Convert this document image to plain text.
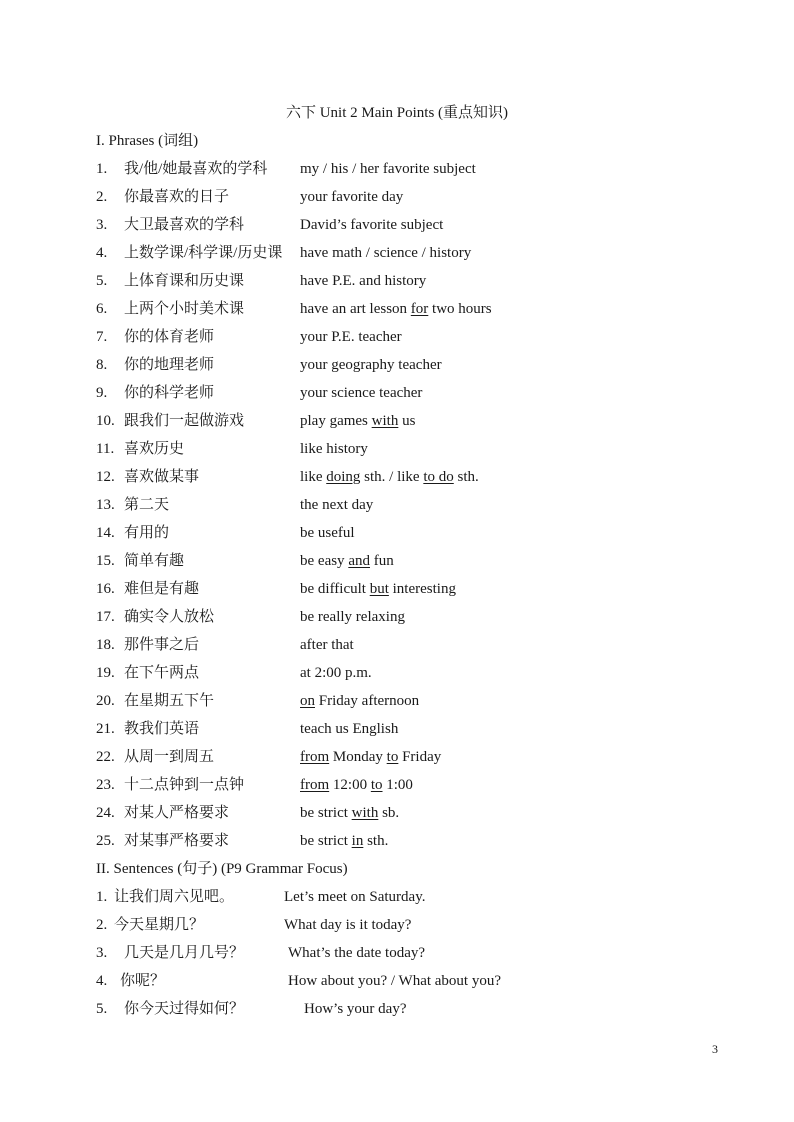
六下 Unit 2 Main Points (重点知识)
I. Phrases (词组)
1. 我/他/她最喜欢的学科 my / his / her favorite subject
2. 你最喜欢的日子	your favorite day
3. 大卫最喜欢的学科	David’s favorite subject
4. 上数学课/科学课/历史课 have math / science / history
5. 上体育课和历史课	have P.E. and history
6. 上两个小时美术课	have an art lesson for two hours
7. 你的体育老师	your P.E. teacher
8. 你的地理老师	your geography teacher
9. 你的科学老师	your science teacher
10. 跟我们一起做游戏	play games with us
11. 喜欢历史	like history
12. 喜欢做某事	like doing sth. / like to do sth.
13. 第二天	the next day
14. 有用的	be useful
15. 简单有趣	be easy and fun
16. 难但是有趣	be difficult but interesting
17. 确实令人放松	be really relaxing
18. 那件事之后	after that
19. 在下午两点	at 2:00 p.m.
20. 在星期五下午	on Friday afternoon
21. 教我们英语	teach us English
22. 从周一到周五	from Monday to Friday
23. 十二点钟到一点钟	from 12:00 to 1:00
24. 对某人严格要求	be strict with sb.
25. 对某事严格要求	be strict in sth.
II. Sentences (句子) (P9 Grammar Focus)
1. 让我们周六见吧。	Let’s meet on Saturday.
2. 今天星期几？	What day is it today?
3. 几天是几月几号？	What’s the date today?
4. 你呢？	How about you? / What about you?
5. 你今天过得如何？	How’s your day?
3
